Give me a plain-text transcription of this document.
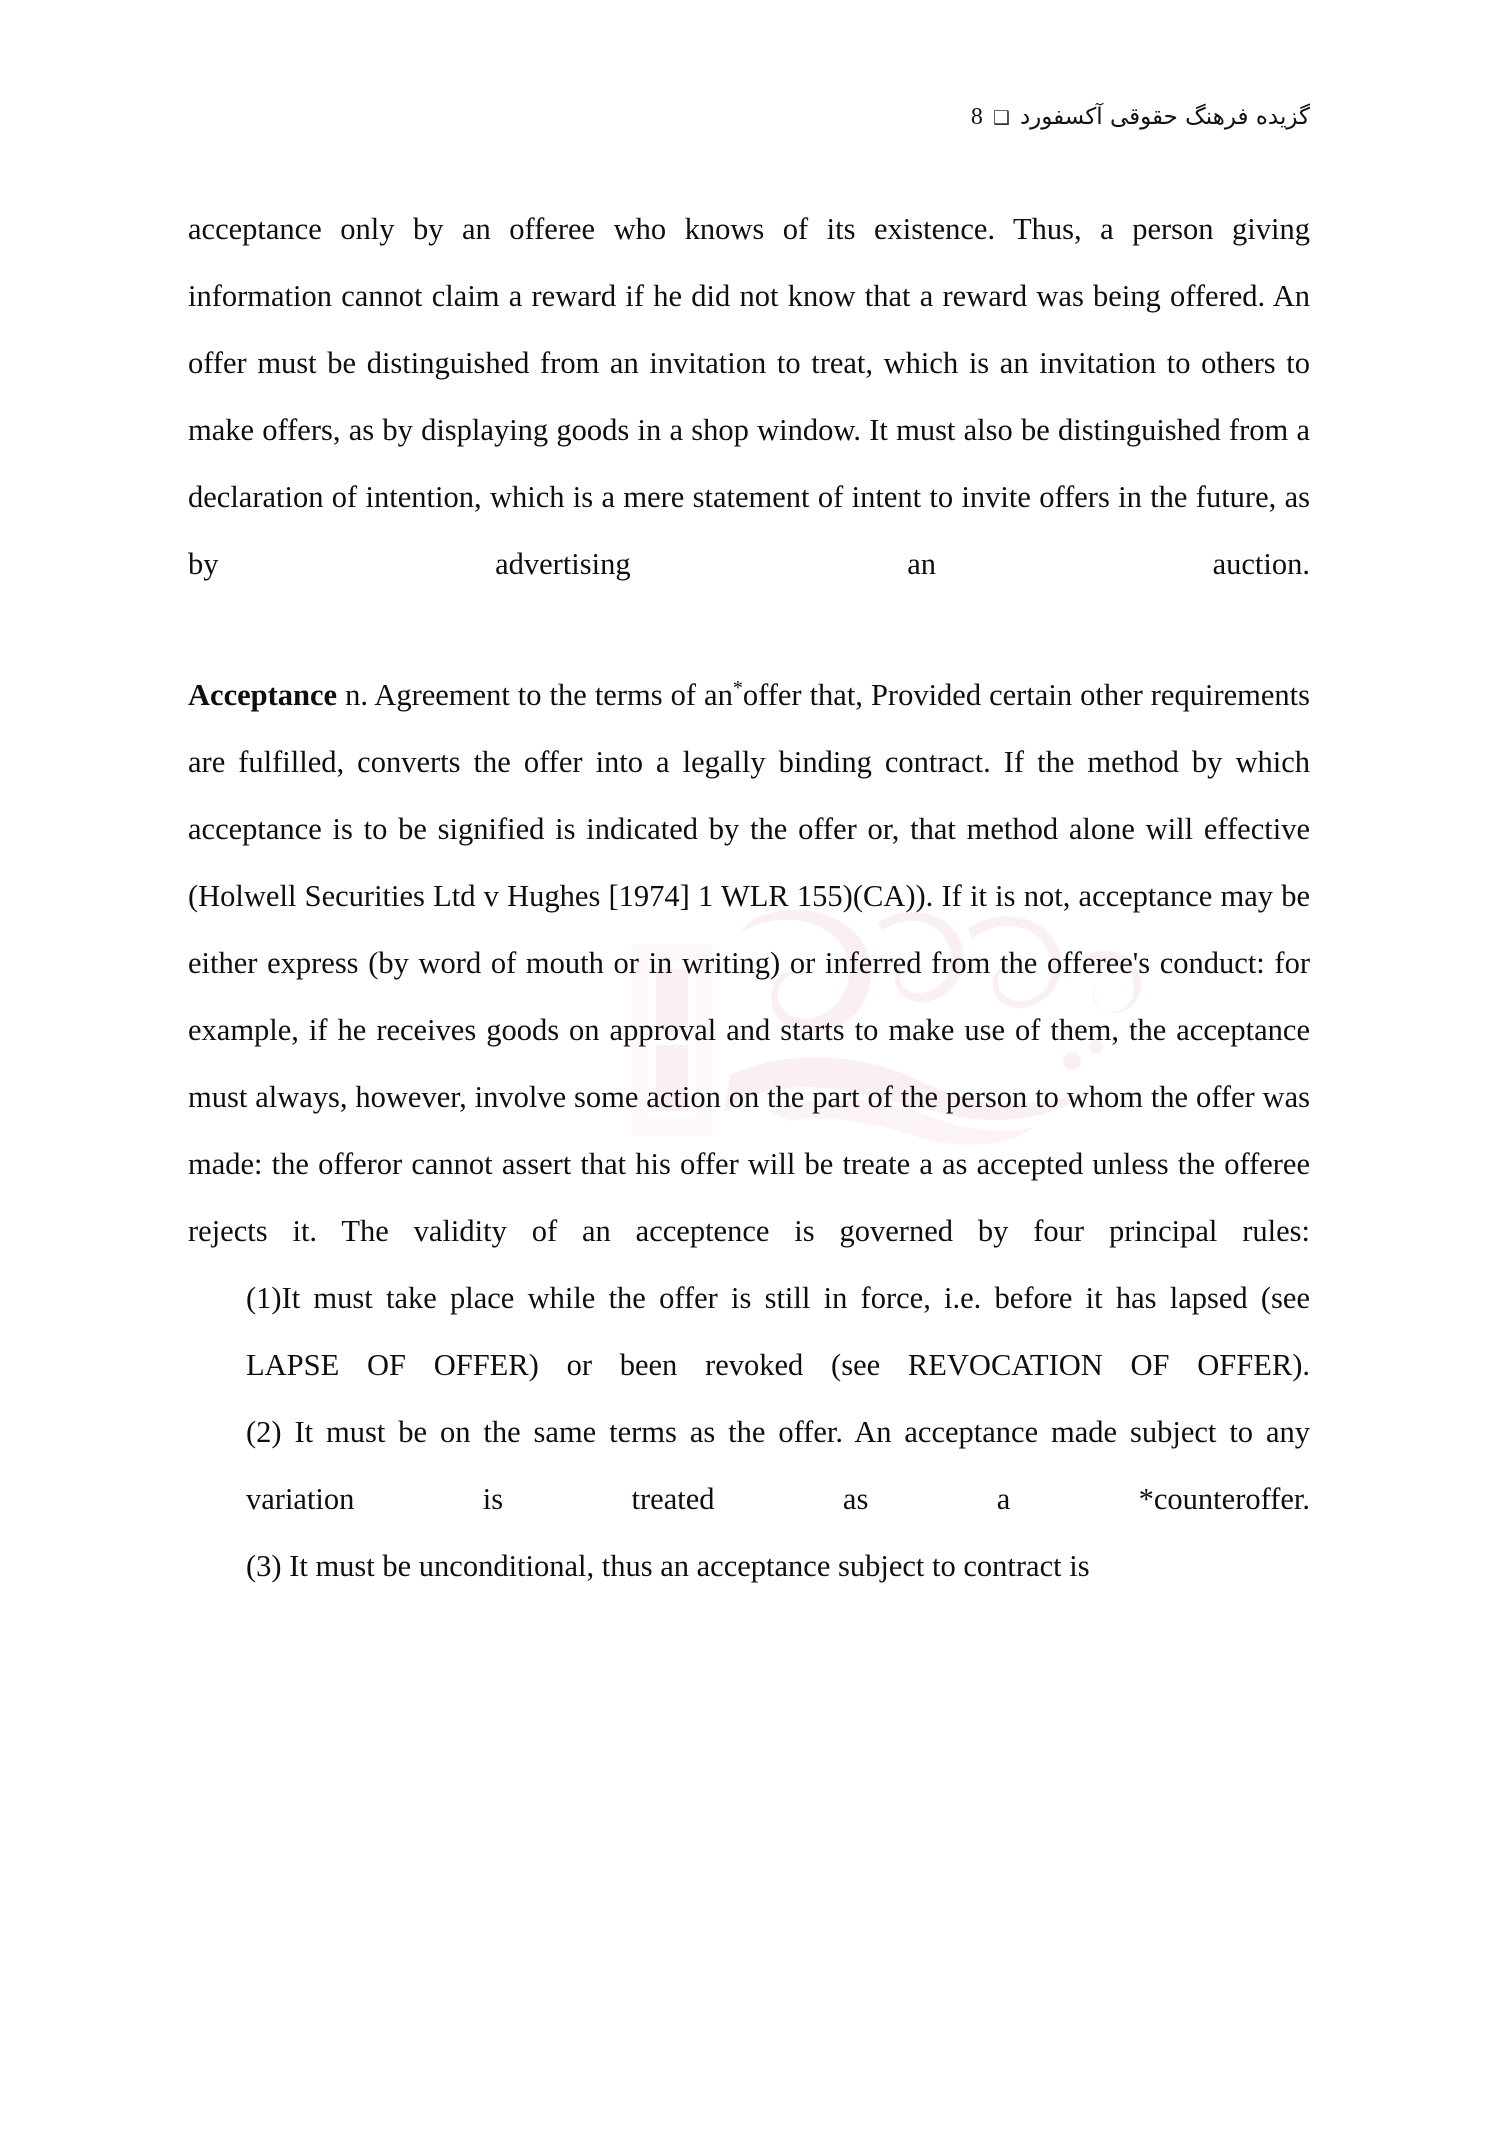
گزیده فرهنگ حقوقی آکسفورد
❑
8

acceptance only by an offeree who knows of its existence. Thus, a person giving information cannot claim a reward if he did not know that a reward was being offered. An offer must be distinguished from an invitation to treat, which is an invitation to others to make offers, as by displaying goods in a shop window. It must also be distinguished from a declaration of intention, which is a mere statement of intent to invite offers in the future, as by advertising an auction.

Acceptance n. Agreement to the terms of an*offer that, Provided certain other requirements are fulfilled, converts the offer into a legally binding contract. If the method by which acceptance is to be signified is indicated by the offer or, that method alone will effective (Holwell Securities Ltd v Hughes [1974] 1 WLR 155)(CA)). If it is not, acceptance may be either express (by word of mouth or in writing) or inferred from the offeree's conduct: for example, if he receives goods on approval and starts to make use of them, the acceptance must always, however, involve some action on the part of the person to whom the offer was made: the offeror cannot assert that his offer will be treate a as accepted unless the offeree rejects it. The validity of an acceptence is governed by four principal rules:

(1)It must take place while the offer is still in force, i.e. before it has lapsed (see LAPSE OF OFFER) or been revoked (see REVOCATION OF OFFER).

(2) It must be on the same terms as the offer. An acceptance made subject to any variation is treated as a *counteroffer.

(3) It must be unconditional, thus an acceptance subject to contract is
